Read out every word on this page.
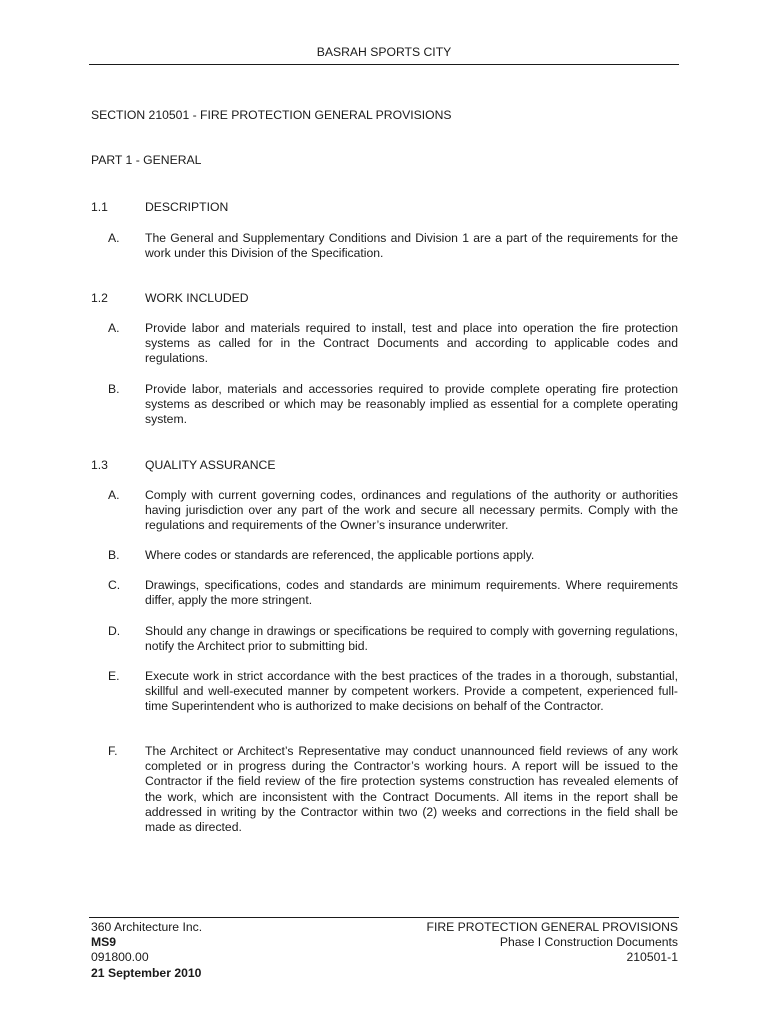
BASRAH SPORTS CITY
SECTION 210501 - FIRE PROTECTION GENERAL PROVISIONS
PART 1 - GENERAL
1.1	DESCRIPTION
A. The General and Supplementary Conditions and Division 1 are a part of the requirements for the work under this Division of the Specification.
1.2	WORK INCLUDED
A. Provide labor and materials required to install, test and place into operation the fire protection systems as called for in the Contract Documents and according to applicable codes and regulations.
B. Provide labor, materials and accessories required to provide complete operating fire protection systems as described or which may be reasonably implied as essential for a complete operating system.
1.3	QUALITY ASSURANCE
A. Comply with current governing codes, ordinances and regulations of the authority or authorities having jurisdiction over any part of the work and secure all necessary permits. Comply with the regulations and requirements of the Owner’s insurance underwriter.
B. Where codes or standards are referenced, the applicable portions apply.
C. Drawings, specifications, codes and standards are minimum requirements. Where requirements differ, apply the more stringent.
D. Should any change in drawings or specifications be required to comply with governing regulations, notify the Architect prior to submitting bid.
E. Execute work in strict accordance with the best practices of the trades in a thorough, substantial, skillful and well-executed manner by competent workers. Provide a competent, experienced full-time Superintendent who is authorized to make decisions on behalf of the Contractor.
F. The Architect or Architect’s Representative may conduct unannounced field reviews of any work completed or in progress during the Contractor’s working hours. A report will be issued to the Contractor if the field review of the fire protection systems construction has revealed elements of the work, which are inconsistent with the Contract Documents. All items in the report shall be addressed in writing by the Contractor within two (2) weeks and corrections in the field shall be made as directed.
360 Architecture Inc.
MS9
091800.00
21 September 2010
FIRE PROTECTION GENERAL PROVISIONS
Phase I Construction Documents
210501-1
